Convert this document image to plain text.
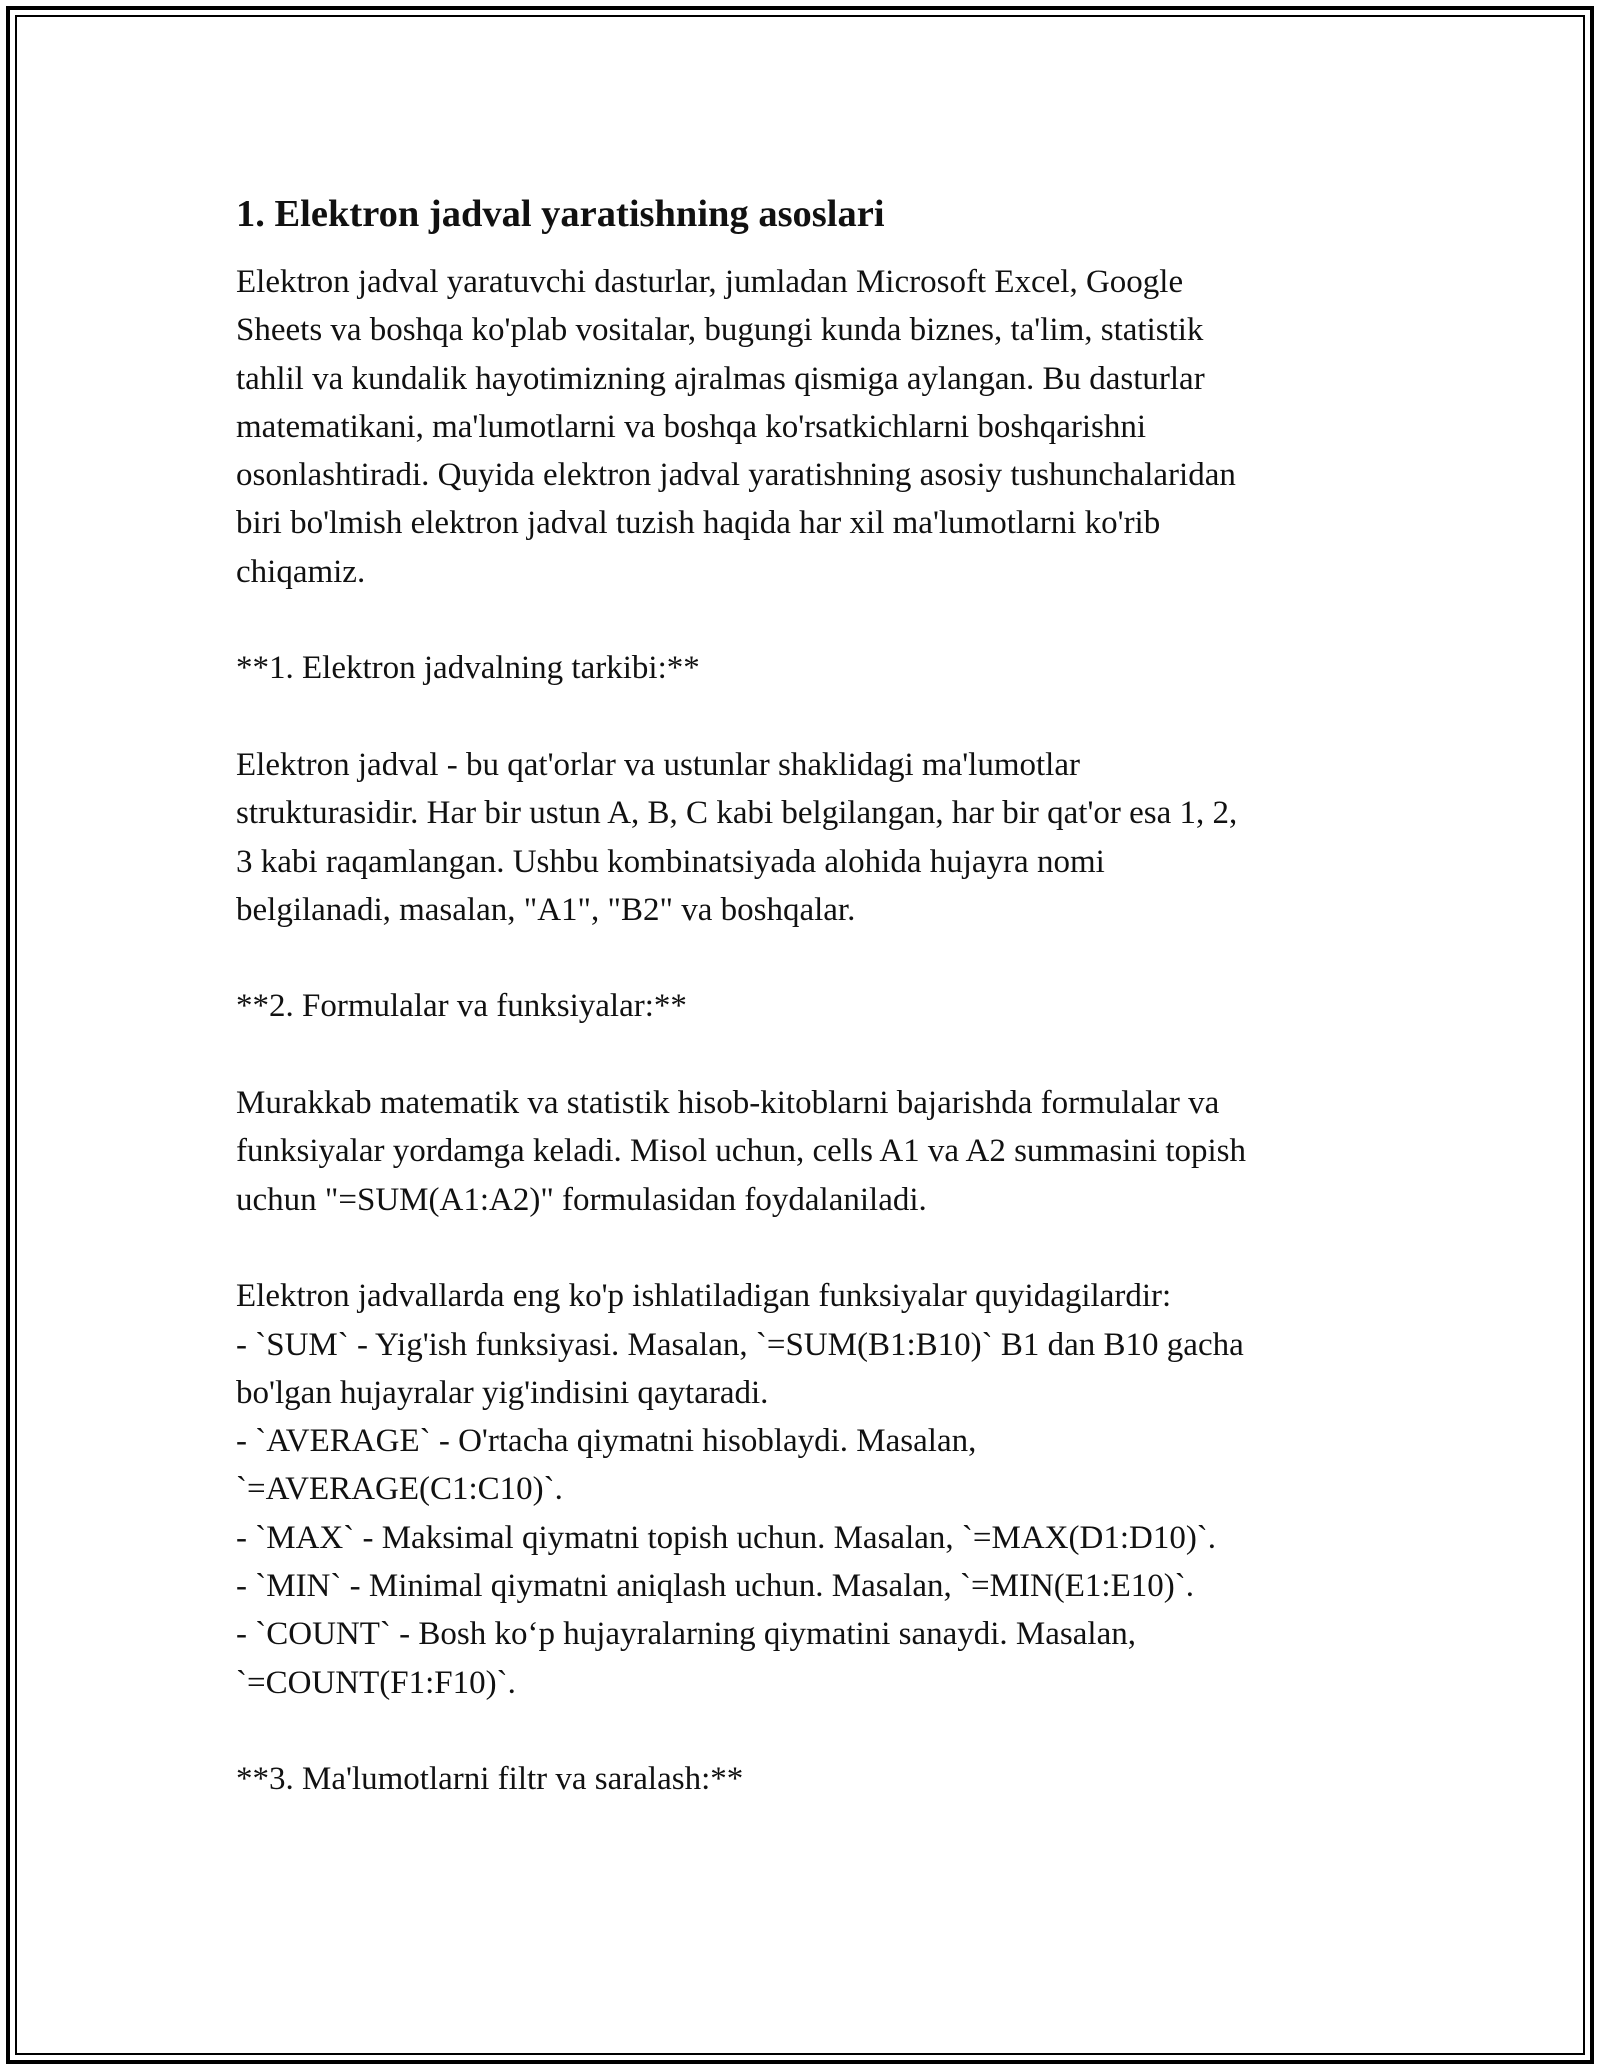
1. Elektron jadval yaratishning asoslari
Elektron jadval yaratuvchi dasturlar, jumladan Microsoft Excel, Google
Sheets va boshqa ko'plab vositalar, bugungi kunda biznes, ta'lim, statistik
tahlil va kundalik hayotimizning ajralmas qismiga aylangan. Bu dasturlar
matematikani, ma'lumotlarni va boshqa ko'rsatkichlarni boshqarishni
osonlashtiradi. Quyida elektron jadval yaratishning asosiy tushunchalaridan
biri bo'lmish elektron jadval tuzish haqida har xil ma'lumotlarni ko'rib
chiqamiz.
**1. Elektron jadvalning tarkibi:**
Elektron jadval - bu qat'orlar va ustunlar shaklidagi ma'lumotlar
strukturasidir. Har bir ustun A, B, C kabi belgilangan, har bir qat'or esa 1, 2,
3 kabi raqamlangan. Ushbu kombinatsiyada alohida hujayra nomi
belgilanadi, masalan, "A1", "B2" va boshqalar.
**2. Formulalar va funksiyalar:**
Murakkab matematik va statistik hisob-kitoblarni bajarishda formulalar va
funksiyalar yordamga keladi. Misol uchun, cells A1 va A2 summasini topish
uchun "=SUM(A1:A2)" formulasidan foydalaniladi.
Elektron jadvallarda eng ko'p ishlatiladigan funksiyalar quyidagilardir:
- `SUM` - Yig'ish funksiyasi. Masalan, `=SUM(B1:B10)` B1 dan B10 gacha
bo'lgan hujayralar yig'indisini qaytaradi.
- `AVERAGE` - O'rtacha qiymatni hisoblaydi. Masalan,
`=AVERAGE(C1:C10)`.
- `MAX` - Maksimal qiymatni topish uchun. Masalan, `=MAX(D1:D10)`.
- `MIN` - Minimal qiymatni aniqlash uchun. Masalan, `=MIN(E1:E10)`.
- `COUNT` - Bosh ko‘p hujayralarning qiymatini sanaydi. Masalan,
`=COUNT(F1:F10)`.
**3. Ma'lumotlarni filtr va saralash:**
